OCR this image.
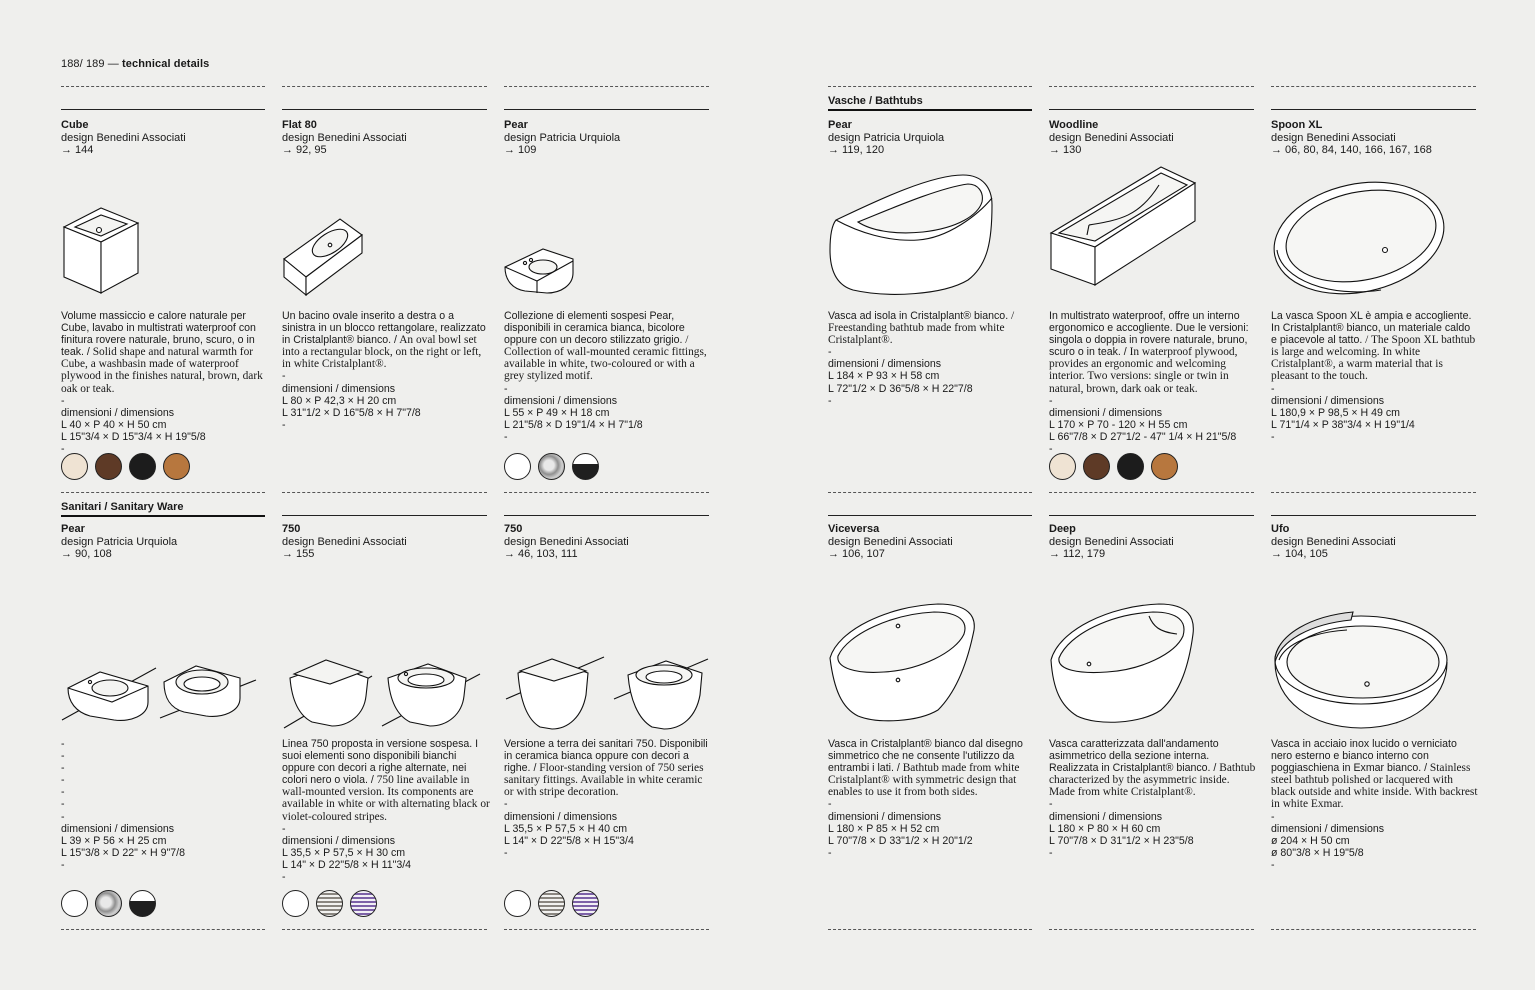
188/ 189 — technical details
Vasche / Bathtubs
Sanitari / Sanitary Ware
Cube
design Benedini Associati
→ 144
Volume massiccio e calore naturale per Cube, lavabo in multistrati waterproof con finitura rovere naturale, bruno, scuro, o in teak. / Solid shape and natural warmth for Cube, a washbasin made of waterproof plywood in the finishes natural, brown, dark oak or teak.
-
dimensioni / dimensions
L 40 × P 40 × H 50 cm
L 15"3/4 × D 15"3/4 × H 19"5/8
-
Flat 80
design Benedini Associati
→ 92, 95
Un bacino ovale inserito a destra o a sinistra in un blocco rettangolare, realizzato in Cristalplant® bianco. / An oval bowl set into a rectangular block, on the right or left, in white Cristalplant®.
-
dimensioni / dimensions
L 80 × P 42,3 × H 20 cm
L 31"1/2 × D 16"5/8 × H 7"7/8
-
Pear
design Patricia Urquiola
→ 109
Collezione di elementi sospesi Pear, disponibili in ceramica bianca, bicolore oppure con un decoro stilizzato grigio. / Collection of wall-mounted ceramic fittings, available in white, two-coloured or with a grey stylized motif.
-
dimensioni / dimensions
L 55 × P 49 × H 18 cm
L 21"5/8 × D 19"1/4 × H 7"1/8
-
Pear
design Patricia Urquiola
→ 119, 120
Vasca ad isola in Cristalplant® bianco. / Freestanding bathtub made from white Cristalplant®.
-
dimensioni / dimensions
L 184 × P 93 × H 58 cm
L 72"1/2 × D 36"5/8 × H 22"7/8
-
Woodline
design Benedini Associati
→ 130
In multistrato waterproof, offre un interno ergonomico e accogliente. Due le versioni: singola o doppia in rovere naturale, bruno, scuro o in teak. / In waterproof plywood, provides an ergonomic and welcoming interior. Two versions: single or twin in natural, brown, dark oak or teak.
-
dimensioni / dimensions
L 170 × P 70 - 120 × H 55 cm
L 66"7/8 × D 27"1/2 - 47" 1/4 × H 21"5/8
-
Spoon XL
design Benedini Associati
→ 06, 80, 84, 140, 166, 167, 168
La vasca Spoon XL è ampia e accogliente. In Cristalplant® bianco, un materiale caldo e piacevole al tatto. / The Spoon XL bathtub is large and welcoming. In white Cristalplant®, a warm material that is pleasant to the touch.
-
dimensioni / dimensions
L 180,9 × P 98,5 × H 49 cm
L 71"1/4 × P 38"3/4 × H 19"1/4
-
Pear
design Patricia Urquiola
→ 90, 108
-
-
-
-
-
-
-
dimensioni / dimensions
L 39 × P 56 × H 25 cm
L 15"3/8 × D 22" × H 9"7/8
-
750
design Benedini Associati
→ 155
Linea 750 proposta in versione sospesa. I suoi elementi sono disponibili bianchi oppure con decori a righe alternate, nei colori nero o viola. / 750 line available in wall-mounted version. Its components are available in white or with alternating black or violet-coloured stripes.
-
dimensioni / dimensions
L 35,5 × P 57,5 × H 30 cm
L 14" × D 22"5/8 × H 11"3/4
-
750
design Benedini Associati
→ 46, 103, 111
Versione a terra dei sanitari 750. Disponibili in ceramica bianca oppure con decori a righe. / Floor-standing version of 750 series sanitary fittings. Available in white ceramic or with stripe decoration.
-
dimensioni / dimensions
L 35,5 × P 57,5 × H 40 cm
L 14" × D 22"5/8 × H 15"3/4
-
Viceversa
design Benedini Associati
→ 106, 107
Vasca in Cristalplant® bianco dal disegno simmetrico che ne consente l'utilizzo da entrambi i lati. / Bathtub made from white Cristalplant® with symmetric design that enables to use it from both sides.
-
dimensioni / dimensions
L 180 × P 85 × H 52 cm
L 70"7/8 × D 33"1/2 × H 20"1/2
-
Deep
design Benedini Associati
→ 112, 179
Vasca caratterizzata dall'andamento asimmetrico della sezione interna. Realizzata in Cristalplant® bianco. / Bathtub characterized by the asymmetric inside. Made from white Cristalplant®.
-
dimensioni / dimensions
L 180 × P 80 × H 60 cm
L 70"7/8 × D 31"1/2 × H 23"5/8
-
Ufo
design Benedini Associati
→ 104, 105
Vasca in acciaio inox lucido o verniciato nero esterno e bianco interno con poggiaschiena in Exmar bianco. / Stainless steel bathtub polished or lacquered with black outside and white inside. With backrest in white Exmar.
-
dimensioni / dimensions
ø 204 × H 50 cm
ø 80"3/8 × H 19"5/8
-
